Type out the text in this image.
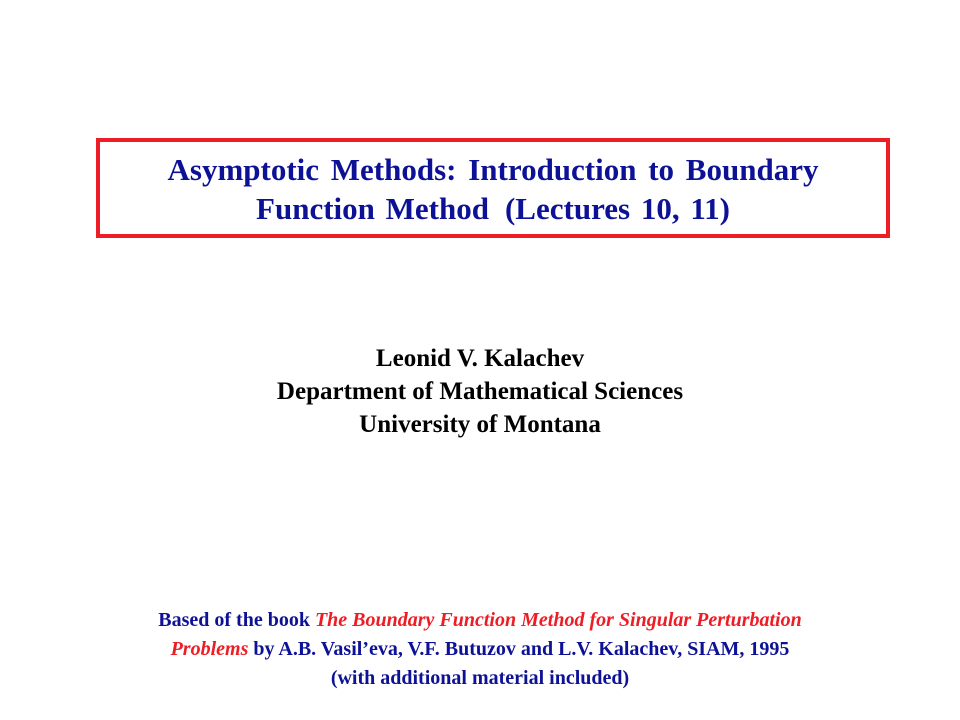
Asymptotic Methods: Introduction to Boundary
Function Method (Lectures 10, 11)
Leonid V. Kalachev
Department of Mathematical Sciences
University of Montana
Based of the book The Boundary Function Method for Singular Perturbation
Problems by A.B. Vasil’eva, V.F. Butuzov and L.V. Kalachev, SIAM, 1995
(with additional material included)
